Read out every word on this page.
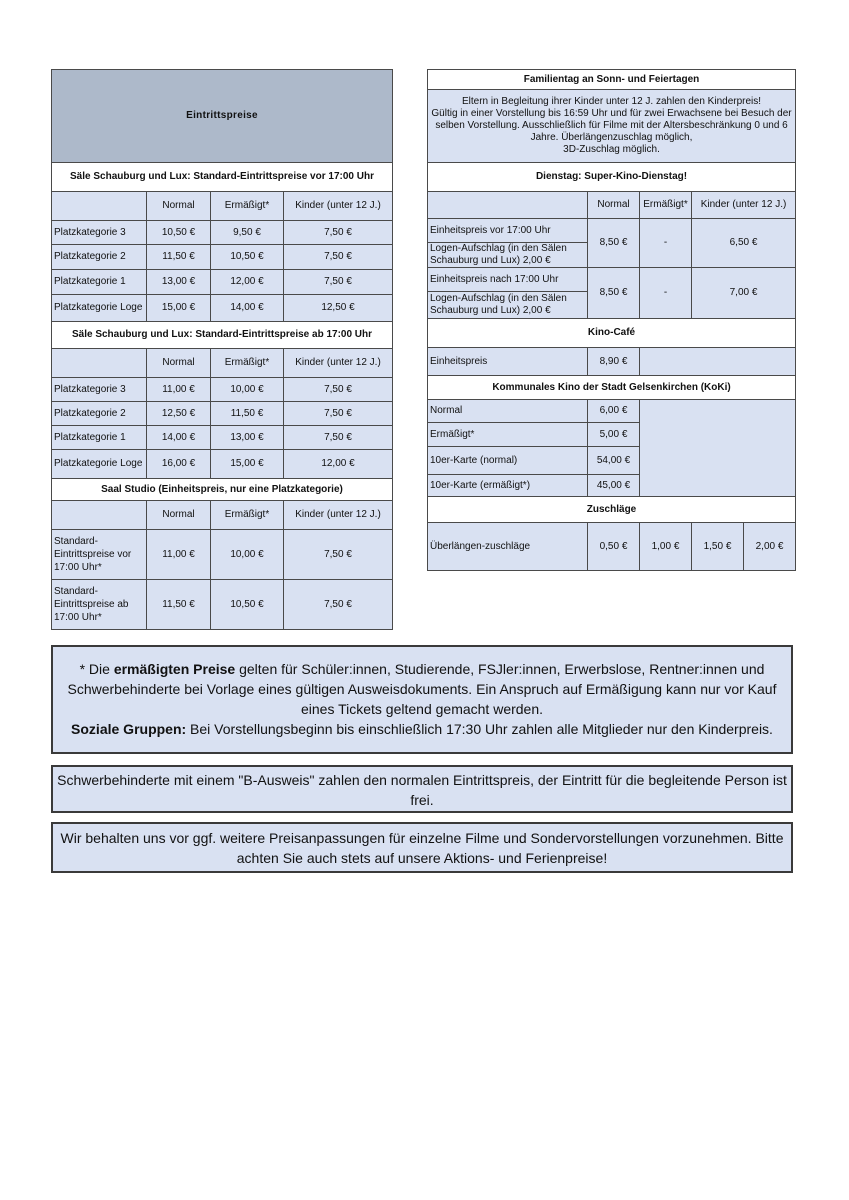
Eintrittspreise			
Säle Schauburg und Lux: Standard-Eintrittspreise vor 17:00 Uhr			
	Normal	Ermäßigt*	Kinder (unter 12 J.)
Platzkategorie 3	10,50 €	9,50 €	7,50 €
Platzkategorie 2	11,50 €	10,50 €	7,50 €
Platzkategorie 1	13,00 €	12,00 €	7,50 €
Platzkategorie Loge	15,00 €	14,00 €	12,50 €
Säle Schauburg und Lux: Standard-Eintrittspreise ab 17:00 Uhr			
	Normal	Ermäßigt*	Kinder (unter 12 J.)
Platzkategorie 3	11,00 €	10,00 €	7,50 €
Platzkategorie 2	12,50 €	11,50 €	7,50 €
Platzkategorie 1	14,00 €	13,00 €	7,50 €
Platzkategorie Loge	16,00 €	15,00 €	12,00 €
Saal Studio (Einheitspreis, nur eine Platzkategorie)			
	Normal	Ermäßigt*	Kinder (unter 12 J.)
Standard-Eintrittspreise vor 17:00 Uhr*	11,00 €	10,00 €	7,50 €
Standard-Eintrittspreise ab 17:00 Uhr*	11,50 €	10,50 €	7,50 €
Familientag an Sonn- und Feiertagen				

Eltern in Begleitung ihrer Kinder unter 12 J. zahlen den Kinderpreis!
Gültig in einer Vorstellung bis 16:59 Uhr und für zwei Erwachsene bei Besuch der selben Vorstellung. Ausschließlich für Filme mit der Altersbeschränkung 0 und 6 Jahre. Überlängenzuschlag möglich,
3D-Zuschlag möglich.				

Dienstag: Super-Kino-Dienstag!				
	Normal	Ermäßigt*	Kinder (unter 12 J.)	
Einheitspreis vor 17:00 Uhr	8,50 €	-	6,50 €	
Logen-Aufschlag (in den Sälen Schauburg und Lux) 2,00 €				
Einheitspreis nach 17:00 Uhr	8,50 €	-	7,00 €	
Logen-Aufschlag (in den Sälen Schauburg und Lux) 2,00 €				
Kino-Café				
Einheitspreis	8,90 €			
Kommunales Kino der Stadt Gelsenkirchen (KoKi)				
Normal	6,00 €			
Ermäßigt*	5,00 €			
10er-Karte (normal)	54,00 €			
10er-Karte (ermäßigt*)	45,00 €			
Zuschläge				
Überlängen-zuschläge	0,50 €	1,00 €	1,50 €	2,00 €
* Die ermäßigten Preise gelten für Schüler:innen, Studierende, FSJler:innen, Erwerbslose, Rentner:innen und Schwerbehinderte bei Vorlage eines gültigen Ausweisdokuments. Ein Anspruch auf Ermäßigung kann nur vor Kauf eines Tickets geltend gemacht werden.
Soziale Gruppen: Bei Vorstellungsbeginn bis einschließlich 17:30 Uhr zahlen alle Mitglieder nur den Kinderpreis.
Schwerbehinderte mit einem "B-Ausweis" zahlen den normalen Eintrittspreis, der Eintritt für die begleitende Person ist frei.
Wir behalten uns vor ggf. weitere Preisanpassungen für einzelne Filme und Sondervorstellungen vorzunehmen. Bitte achten Sie auch stets auf unsere Aktions- und Ferienpreise!
